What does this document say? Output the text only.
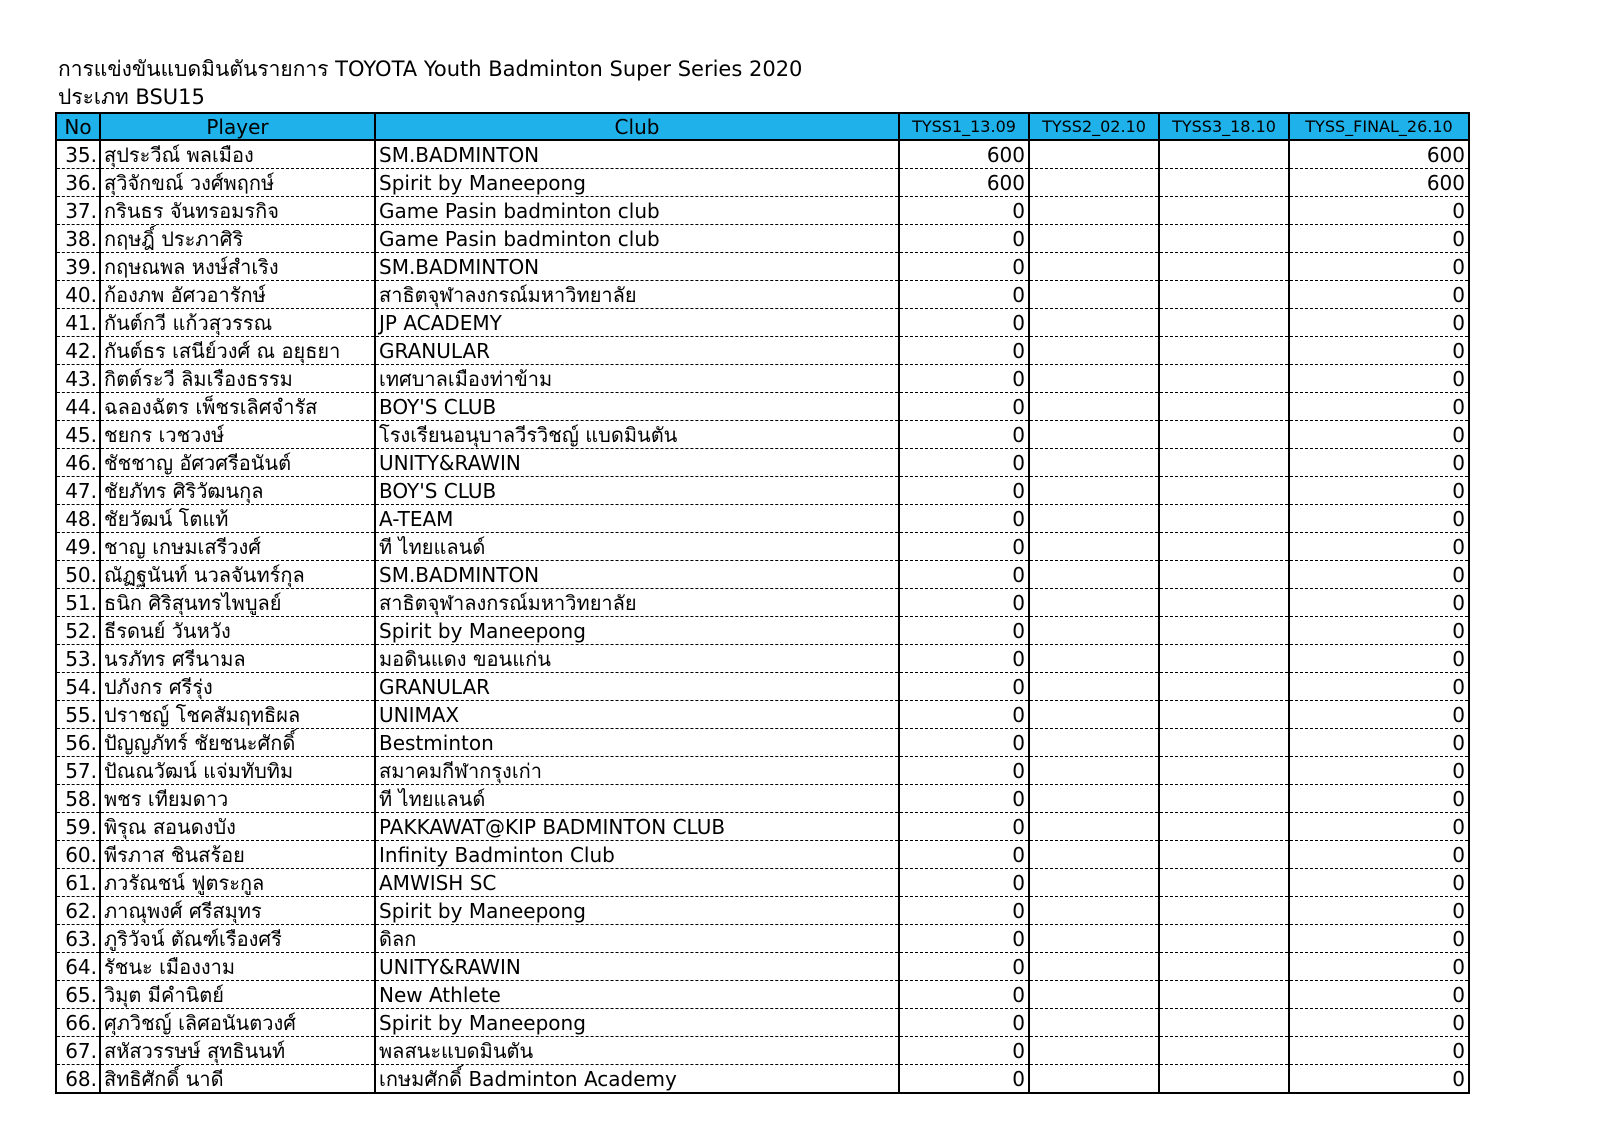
การแข่งขันแบดมินตันรายการ TOYOTA Youth Badminton Super Series 2020
ประเภท BSU15
No	Player	Club	TYSS1_13.09	TYSS2_02.10	TYSS3_18.10	TYSS_FINAL_26.10
35.	สุประวีณ์ พลเมือง	SM.BADMINTON	600			600
36.	สุวิจักขณ์ วงศ์พฤกษ์	Spirit by Maneepong	600			600
37.	กรินธร จันทรอมรกิจ	Game Pasin badminton club	0			0
38.	กฤษฎิ์ ประภาศิริ	Game Pasin badminton club	0			0
39.	กฤษณพล หงษ์สำเริง	SM.BADMINTON	0			0
40.	ก้องภพ อัศวอารักษ์	สาธิตจุฬาลงกรณ์มหาวิทยาลัย	0			0
41.	กันต์กวี แก้วสุวรรณ	JP ACADEMY	0			0
42.	กันต์ธร เสนีย์วงศ์ ณ อยุธยา	GRANULAR	0			0
43.	กิตต์ระวี ลิมเรืองธรรม	เทศบาลเมืองท่าข้าม	0			0
44.	ฉลองฉัตร เพ็ชรเลิศจำรัส	BOY'S CLUB	0			0
45.	ชยกร เวชวงษ์	โรงเรียนอนุบาลวีรวิชญ์ แบดมินตัน	0			0
46.	ชัชชาญ อัศวศรีอนันต์	UNITY&RAWIN	0			0
47.	ชัยภัทร ศิริวัฒนกุล	BOY'S CLUB	0			0
48.	ชัยวัฒน์ โตแท้	A-TEAM	0			0
49.	ชาญ เกษมเสรีวงศ์	ที ไทยแลนด์	0			0
50.	ณัฏฐนันท์ นวลจันทร์กุล	SM.BADMINTON	0			0
51.	ธนิก ศิริสุนทรไพบูลย์	สาธิตจุฬาลงกรณ์มหาวิทยาลัย	0			0
52.	ธีรดนย์ วันหวัง	Spirit by Maneepong	0			0
53.	นรภัทร ศรีนามล	มอดินแดง ขอนแก่น	0			0
54.	ปภังกร ศรีรุ่ง	GRANULAR	0			0
55.	ปราชญ์ โชคสัมฤทธิผล	UNIMAX	0			0
56.	ปัญญภัทร์ ชัยชนะศักดิ์	Bestminton	0			0
57.	ปัณณวัฒน์ แจ่มทับทิม	สมาคมกีฬากรุงเก่า	0			0
58.	พชร เทียมดาว	ที ไทยแลนด์	0			0
59.	พิรุณ สอนดงบัง	PAKKAWAT@KIP BADMINTON CLUB	0			0
60.	พีรภาส ชินสร้อย	Infinity Badminton Club	0			0
61.	ภวรัณชน์ ฟูตระกูล	AMWISH SC	0			0
62.	ภาณุพงศ์ ศรีสมุทร	Spirit by Maneepong	0			0
63.	ภูริวัจน์ ตัณฑ์เรืองศรี	ดิลก	0			0
64.	รัชนะ เมืองงาม	UNITY&RAWIN	0			0
65.	วิมุต มีคำนิตย์	New Athlete	0			0
66.	ศุภวิชญ์ เลิศอนันตวงศ์	Spirit by Maneepong	0			0
67.	สหัสวรรษษ์ สุทธินนท์	พลสนะแบดมินตัน	0			0
68.	สิทธิศักดิ์ นาดี	เกษมศักดิ์ Badminton Academy	0			0
